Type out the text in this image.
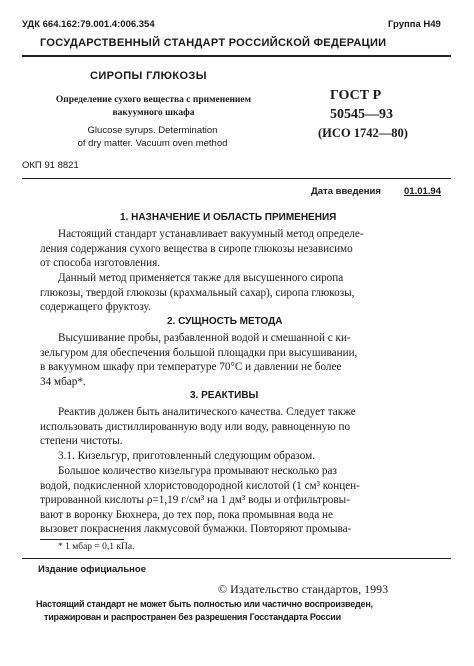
УДК 664.162:79.001.4:006.354	Группа Н49
ГОСУДАРСТВЕННЫЙ СТАНДАРТ РОССИЙСКОЙ ФЕДЕРАЦИИ
СИРОПЫ ГЛЮКОЗЫ
Определение сухого вещества с применением
вакуумного шкафа
Glucose syrups. Determination
of dry matter. Vacuum oven method
ГОСТ Р
50545—93
(ИСО 1742—80)
ОКП 91 8821
Дата введения 01.01.94
1. НАЗНАЧЕНИЕ И ОБЛАСТЬ ПРИМЕНЕНИЯ
Настоящий стандарт устанавливает вакуумный метод определе-
ления содержания сухого вещества в сиропе глюкозы независимо
от способа изготовления.
Данный метод применяется также для высушенного сиропа
глюкозы, твердой глюкозы (крахмальный сахар), сиропа глюкозы,
содержащего фруктозу.
2. СУЩНОСТЬ МЕТОДА
Высушивание пробы, разбавленной водой и смешанной с ки-
зельгуром для обеспечения большой площадки при высушивании,
в вакуумном шкафу при температуре 70°С и давлении не более
34 мбар*.
3. РЕАКТИВЫ
Реактив должен быть аналитического качества. Следует также
использовать дистиллированную воду или воду, равноценную по
степени чистоты.
3.1. Кизельгур, приготовленный следующим образом.
Большое количество кизельгура промывают несколько раз
водой, подкисленной хлористоводородной кислотой (1 см³ концен-
трированной кислоты ρ=1,19 г/см³ на 1 дм³ воды и отфильтровы-
вают в воронку Бюхнера, до тех пор, пока промывная вода не
вызовет покраснения лакмусовой бумажки. Повторяют промыва-
* 1 мбар = 0,1 кПа.
Издание официальное
© Издательство стандартов, 1993
Настоящий стандарт не может быть полностью или частично воспроизведен,
тиражирован и распространен без разрешения Госстандарта России
